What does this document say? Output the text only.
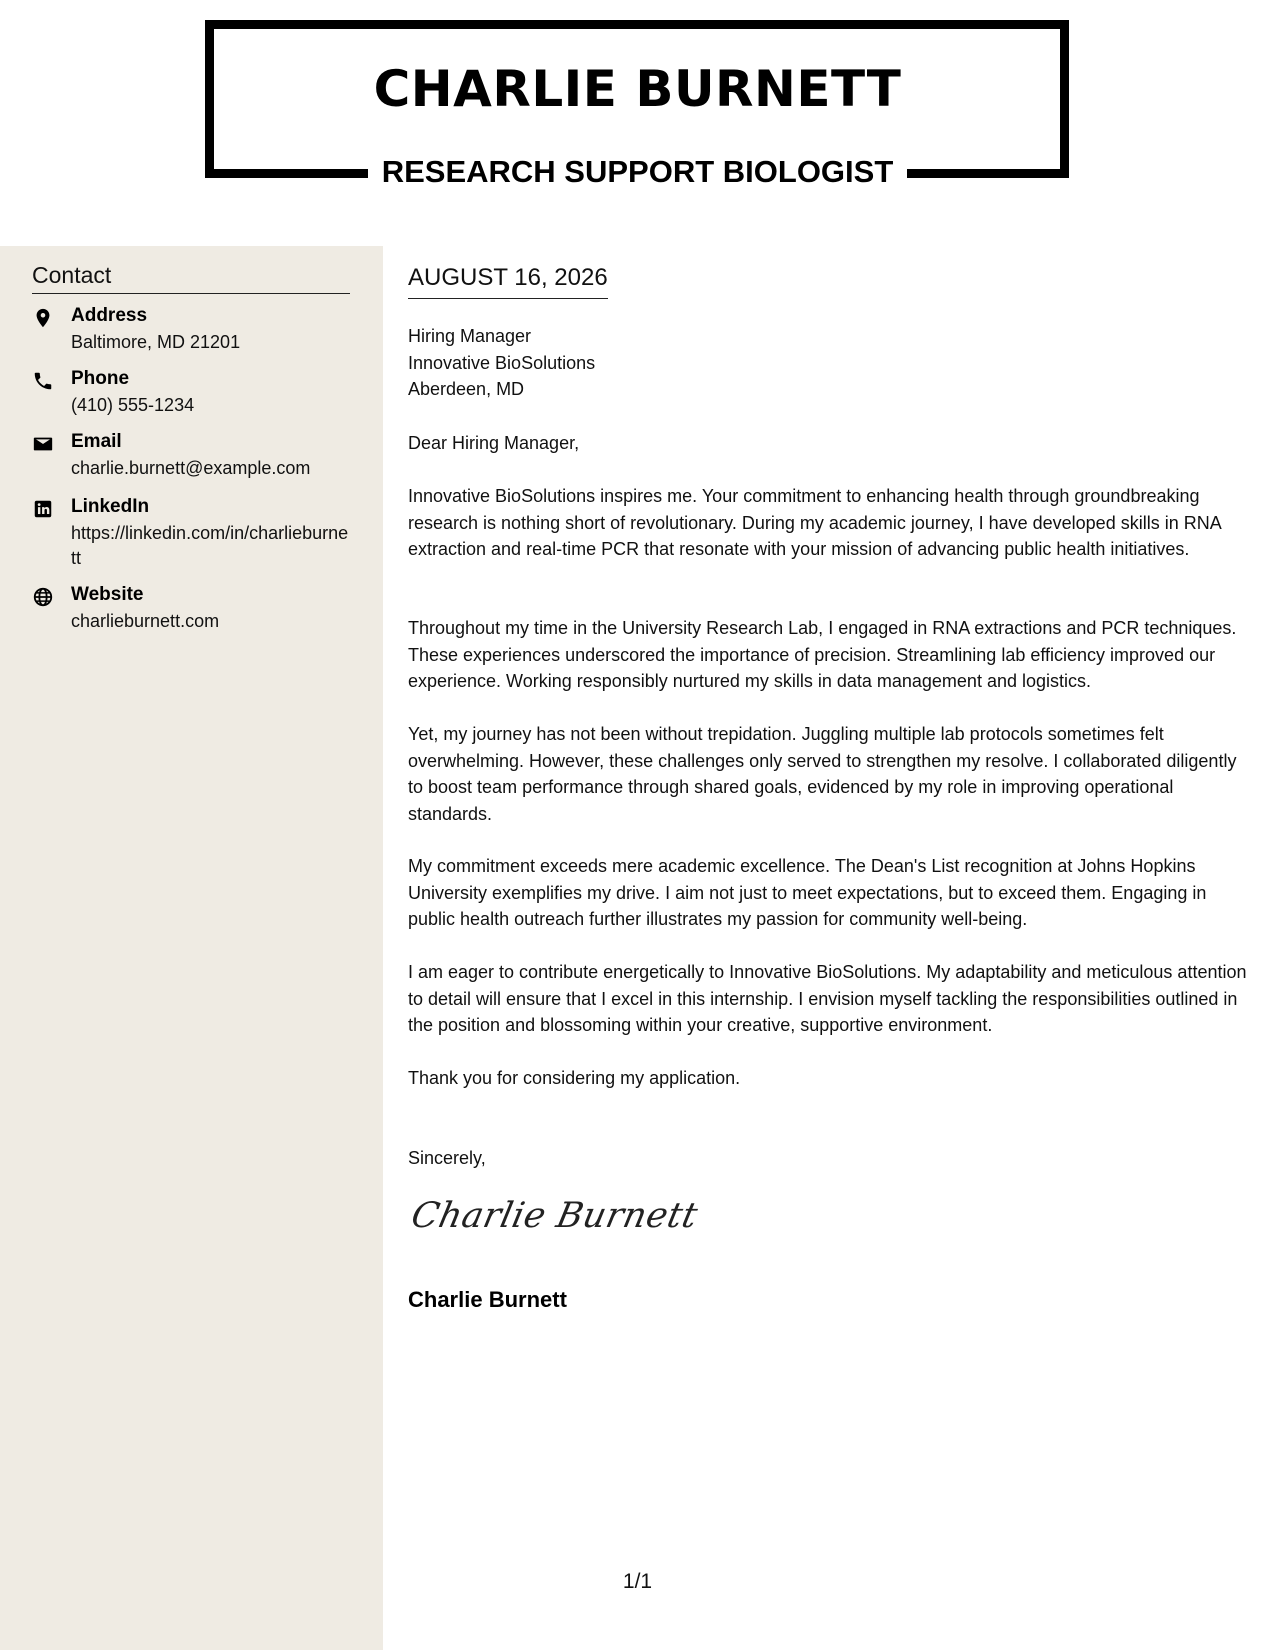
CHARLIE BURNETT
RESEARCH SUPPORT BIOLOGIST
Contact
Address
Baltimore, MD 21201
Phone
(410) 555-1234
Email
charlie.burnett@example.com
LinkedIn
https://linkedin.com/in/charlieburnett
Website
charlieburnett.com
AUGUST 16, 2026
Hiring Manager
Innovative BioSolutions
Aberdeen, MD

Dear Hiring Manager,

Innovative BioSolutions inspires me. Your commitment to enhancing health through groundbreaking research is nothing short of revolutionary. During my academic journey, I have developed skills in RNA extraction and real-time PCR that resonate with your mission of advancing public health initiatives.

Throughout my time in the University Research Lab, I engaged in RNA extractions and PCR techniques. These experiences underscored the importance of precision. Streamlining lab efficiency improved our experience. Working responsibly nurtured my skills in data management and logistics.

Yet, my journey has not been without trepidation. Juggling multiple lab protocols sometimes felt overwhelming. However, these challenges only served to strengthen my resolve. I collaborated diligently to boost team performance through shared goals, evidenced by my role in improving operational standards.

My commitment exceeds mere academic excellence. The Dean's List recognition at Johns Hopkins University exemplifies my drive. I aim not just to meet expectations, but to exceed them. Engaging in public health outreach further illustrates my passion for community well-being.

I am eager to contribute energetically to Innovative BioSolutions. My adaptability and meticulous attention to detail will ensure that I excel in this internship. I envision myself tackling the responsibilities outlined in the position and blossoming within your creative, supportive environment.

Thank you for considering my application.

Sincerely,

Charlie Burnett
Charlie Burnett
1/1
